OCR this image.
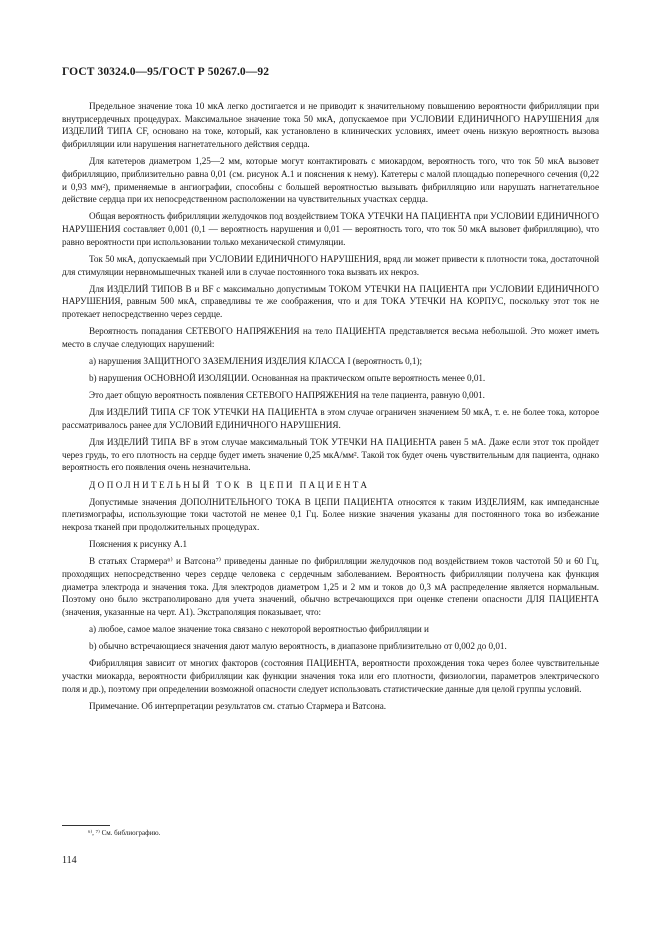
ГОСТ 30324.0—95/ГОСТ Р 50267.0—92

Предельное значение тока 10 мкА легко достигается и не приводит к значительному повышению вероятности фибрилляции при внутрисердечных процедурах. Максимальное значение тока 50 мкА, допускаемое при УСЛОВИИ ЕДИНИЧНОГО НАРУШЕНИЯ для ИЗДЕЛИЙ ТИПА CF, основано на токе, который, как установлено в клинических условиях, имеет очень низкую вероятность вызова фибрилляции или нарушения нагнетательного действия сердца.

Для катетеров диаметром 1,25—2 мм, которые могут контактировать с миокардом, вероятность того, что ток 50 мкА вызовет фибрилляцию, приблизительно равна 0,01 (см. рисунок А.1 и пояснения к нему). Катетеры с малой площадью поперечного сечения (0,22 и 0,93 мм²), применяемые в ангиографии, способны с большей вероятностью вызывать фибрилляцию или нарушать нагнетательное действие сердца при их непосредственном расположении на чувствительных участках сердца.

Общая вероятность фибрилляции желудочков под воздействием ТОКА УТЕЧКИ НА ПАЦИЕНТА при УСЛОВИИ ЕДИНИЧНОГО НАРУШЕНИЯ составляет 0,001 (0,1 — вероятность нарушения и 0,01 — вероятность того, что ток 50 мкА вызовет фибрилляцию), что равно вероятности при использовании только механической стимуляции.

Ток 50 мкА, допускаемый при УСЛОВИИ ЕДИНИЧНОГО НАРУШЕНИЯ, вряд ли может привести к плотности тока, достаточной для стимуляции нервномышечных тканей или в случае постоянного тока вызвать их некроз.

Для ИЗДЕЛИЙ ТИПОВ В и BF с максимально допустимым ТОКОМ УТЕЧКИ НА ПАЦИЕНТА при УСЛОВИИ ЕДИНИЧНОГО НАРУШЕНИЯ, равным 500 мкА, справедливы те же соображения, что и для ТОКА УТЕЧКИ НА КОРПУС, поскольку этот ток не протекает непосредственно через сердце.

Вероятность попадания СЕТЕВОГО НАПРЯЖЕНИЯ на тело ПАЦИЕНТА представляется весьма небольшой. Это может иметь место в случае следующих нарушений:

а) нарушения ЗАЩИТНОГО ЗАЗЕМЛЕНИЯ ИЗДЕЛИЯ КЛАССА I (вероятность 0,1);

b) нарушения ОСНОВНОЙ ИЗОЛЯЦИИ. Основанная на практическом опыте вероятность менее 0,01.

Это дает общую вероятность появления СЕТЕВОГО НАПРЯЖЕНИЯ на теле пациента, равную 0,001.

Для ИЗДЕЛИЙ ТИПА CF ТОК УТЕЧКИ НА ПАЦИЕНТА в этом случае ограничен значением 50 мкА, т. е. не более тока, которое рассматривалось ранее для УСЛОВИЙ ЕДИНИЧНОГО НАРУШЕНИЯ.

Для ИЗДЕЛИЙ ТИПА BF в этом случае максимальный ТОК УТЕЧКИ НА ПАЦИЕНТА равен 5 мА. Даже если этот ток пройдет через грудь, то его плотность на сердце будет иметь значение 0,25 мкА/мм². Такой ток будет очень чувствительным для пациента, однако вероятность его появления очень незначительна.

ДОПОЛНИТЕЛЬНЫЙ ТОК В ЦЕПИ ПАЦИЕНТА

Допустимые значения ДОПОЛНИТЕЛЬНОГО ТОКА В ЦЕПИ ПАЦИЕНТА относятся к таким ИЗДЕЛИЯМ, как импедансные плетизмографы, использующие токи частотой не менее 0,1 Гц. Более низкие значения указаны для постоянного тока во избежание некроза тканей при продолжительных процедурах.

Пояснения к рисунку А.1

В статьях Стармера⁶⁾ и Ватсона⁷⁾ приведены данные по фибрилляции желудочков под воздействием токов частотой 50 и 60 Гц, проходящих непосредственно через сердце человека с сердечным заболеванием. Вероятность фибрилляции получена как функция диаметра электрода и значения тока. Для электродов диаметром 1,25 и 2 мм и токов до 0,3 мА распределение является нормальным. Поэтому оно было экстраполировано для учета значений, обычно встречающихся при оценке степени опасности ДЛЯ ПАЦИЕНТА (значения, указанные на черт. А1). Экстраполяция показывает, что:

а) любое, самое малое значение тока связано с некоторой вероятностью фибрилляции и

b) обычно встречающиеся значения дают малую вероятность, в диапазоне приблизительно от 0,002 до 0,01.

Фибрилляция зависит от многих факторов (состояния ПАЦИЕНТА, вероятности прохождения тока через более чувствительные участки миокарда, вероятности фибрилляции как функции значения тока или его плотности, физиологии, параметров электрического поля и др.), поэтому при определении возможной опасности следует использовать статистические данные для целой группы условий.

Примечание. Об интерпретации результатов см. статью Стармера и Ватсона.

⁶⁾, ⁷⁾ См. библиографию.
114
